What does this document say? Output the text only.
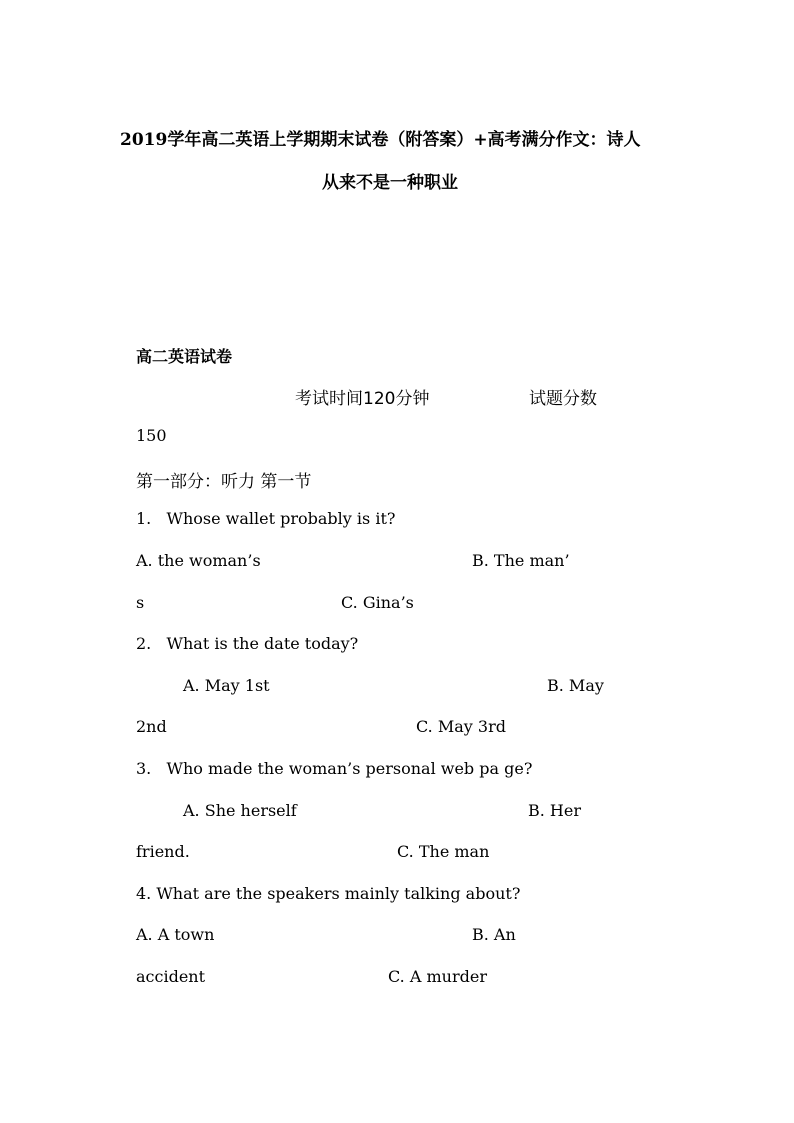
2019学年高二英语上学期期末试卷（附答案）+高考满分作文：诗人
从来不是一种职业
高二英语试卷
考试时间120分钟	试题分数
150
第一部分：听力 第一节
1.   Whose wallet probably is it?
A. the woman’s	B. The man’
s	C. Gina’s
2.   What is the date today?
A. May 1st	B. May
2nd	C. May 3rd
3.   Who made the woman’s personal web pa ge?
A. She herself	B. Her
friend.	C. The man
4. What are the speakers mainly talking about?
A. A town	B. An
accident	C. A murder
